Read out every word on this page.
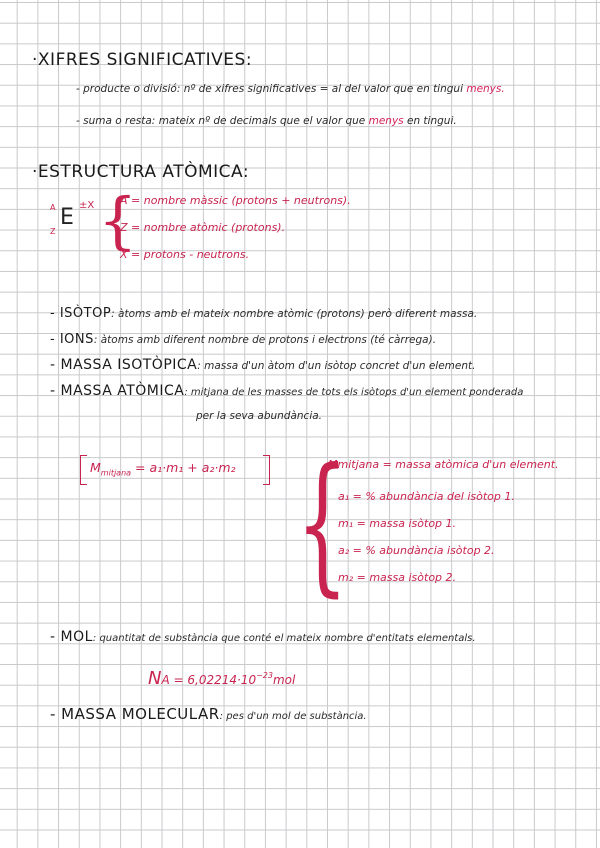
·XIFRES SIGNIFICATIVES:
- producte o divisió: nº de xifres significatives = al del valor que en tingui menys.
- suma o resta: mateix nº de decimals que el valor que menys en tingui.
·ESTRUCTURA ATÒMICA:
A
Z
E ±X {
A = nombre màssic (protons + neutrons).
Z = nombre atòmic (protons).
X = protons - neutrons.
- ISÒTOP: àtoms amb el mateix nombre atòmic (protons) però diferent massa.
- IONS: àtoms amb diferent nombre de protons i electrons (té càrrega).
- MASSA ISOTÒPICA: massa d'un àtom d'un isòtop concret d'un element.
- MASSA ATÒMICA: mitjana de les masses de tots els isòtops d'un element ponderada
per la seva abundància.
$M_{mitjana} = a_1\cdot m_1 + a_2\cdot m_2$ {
Mmitjana = massa atòmica d'un element.
a₁ = % abundància del isòtop 1.
m₁ = massa isòtop 1.
a₂ = % abundància isòtop 2.
m₂ = massa isòtop 2.
- MOL: quantitat de substància que conté el mateix nombre d'entitats elementals.
NA = $6,02214\cdot 10^{-23}mol$
- MASSA MOLECULAR: pes d'un mol de substància.
